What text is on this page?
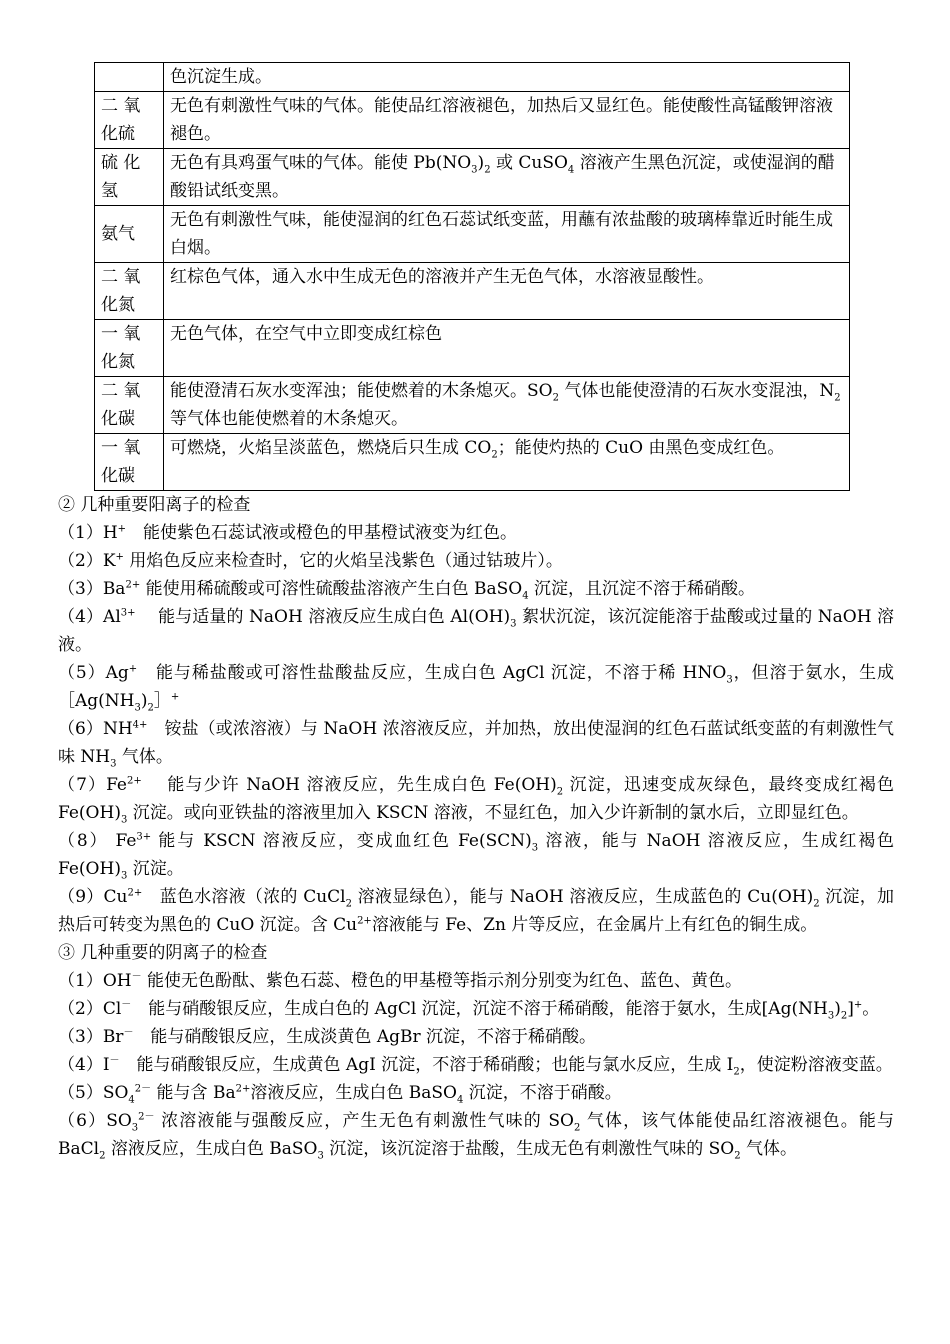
	色沉淀生成。
二 氧化硫	无色有刺激性气味的气体。能使品红溶液褪色，加热后又显红色。能使酸性高锰酸钾溶液褪色。
硫 化氢	无色有具鸡蛋气味的气体。能使 $Pb(NO_3)_2$ 或 CuSO$_4$ 溶液产生黑色沉淀，或使湿润的醋酸铅试纸变黑。
氨气	无色有刺激性气味，能使湿润的红色石蕊试纸变蓝，用蘸有浓盐酸的玻璃棒靠近时能生成白烟。
二 氧化氮	红棕色气体，通入水中生成无色的溶液并产生无色气体，水溶液显酸性。
一 氧化氮	无色气体，在空气中立即变成红棕色
二 氧化碳	能使澄清石灰水变浑浊；能使燃着的木条熄灭。$SO_2$ 气体也能使澄清的石灰水变混浊，$N_2$ 等气体也能使燃着的木条熄灭。
一 氧化碳	可燃烧，火焰呈淡蓝色，燃烧后只生成 $CO_2$；能使灼热的 CuO 由黑色变成红色。
② 几种重要阳离子的检查

（1）H+　能使紫色石蕊试液或橙色的甲基橙试液变为红色。

（2）K+ 用焰色反应来检查时，它的火焰呈浅紫色（通过钴玻片）。

$(3)Ba^{2+}$ 能使用稀硫酸或可溶性硫酸盐溶液产生白色 BaSO$_4$ 沉淀，且沉淀不溶于稀硝酸。

$(4)Al^{3+}$　 能与适量的 NaOH 溶液反应生成白色 $Al(OH)_3$ 絮状沉淀，该沉淀能溶于盐酸或过量的 NaOH 溶液。

（5）Ag+　能与稀盐酸或可溶性盐酸盐反应，生成白色 AgCl 沉淀，不溶于稀 $HNO_3$，但溶于氨水，生成$[Ag(NH_3)_2]^+$

$(6)NH^{4+}$　铵盐（或浓溶液）与 NaOH 浓溶液反应，并加热，放出使湿润的红色石蓝试纸变蓝的有刺激性气味 $NH_3$ 气体。

$(7)Fe^{2+}$　 能与少许 NaOH 溶液反应，先生成白色 $Fe(OH)_2$ 沉淀，迅速变成灰绿色，最终变成红褐色 $Fe(OH)_3$ 沉淀。或向亚铁盐的溶液里加入 KSCN 溶液，不显红色，加入少许新制的氯水后，立即显红色。

（8） $Fe^{3+}$ 能与 KSCN 溶液反应，变成血红色 $Fe(SCN)_3$ 溶液，能与 NaOH 溶液反应，生成红褐色 $Fe(OH)_3$ 沉淀。

$(9)Cu^{2+}$　蓝色水溶液（浓的 CuCl$_2$ 溶液显绿色），能与 NaOH 溶液反应，生成蓝色的 $Cu(OH)_2$ 沉淀，加热后可转变为黑色的 CuO 沉淀。含 $Cu^{2+}$溶液能与 Fe、Zn 片等反应，在金属片上有红色的铜生成。

③ 几种重要的阴离子的检查

（1）OH－ 能使无色酚酞、紫色石蕊、橙色的甲基橙等指示剂分别变为红色、蓝色、黄色。

（2）Cl－　能与硝酸银反应，生成白色的 AgCl 沉淀，沉淀不溶于稀硝酸，能溶于氨水，生成$[Ag(NH_3)_2]^+$。

（3）Br－　能与硝酸银反应，生成淡黄色 AgBr 沉淀，不溶于稀硝酸。

（4）I－　能与硝酸银反应，生成黄色 AgI 沉淀，不溶于稀硝酸；也能与氯水反应，生成 $I_2$，使淀粉溶液变蓝。

$(5)SO_4^{2-}$ 能与含 $Ba^{2+}$溶液反应，生成白色 BaSO$_4$ 沉淀，不溶于硝酸。

$(6)SO_3^{2-}$ 浓溶液能与强酸反应，产生无色有刺激性气味的 $SO_2$ 气体，该气体能使品红溶液褪色。能与 BaCl$_2$ 溶液反应，生成白色 BaSO$_3$ 沉淀，该沉淀溶于盐酸，生成无色有刺激性气味的 $SO_2$ 气体。
